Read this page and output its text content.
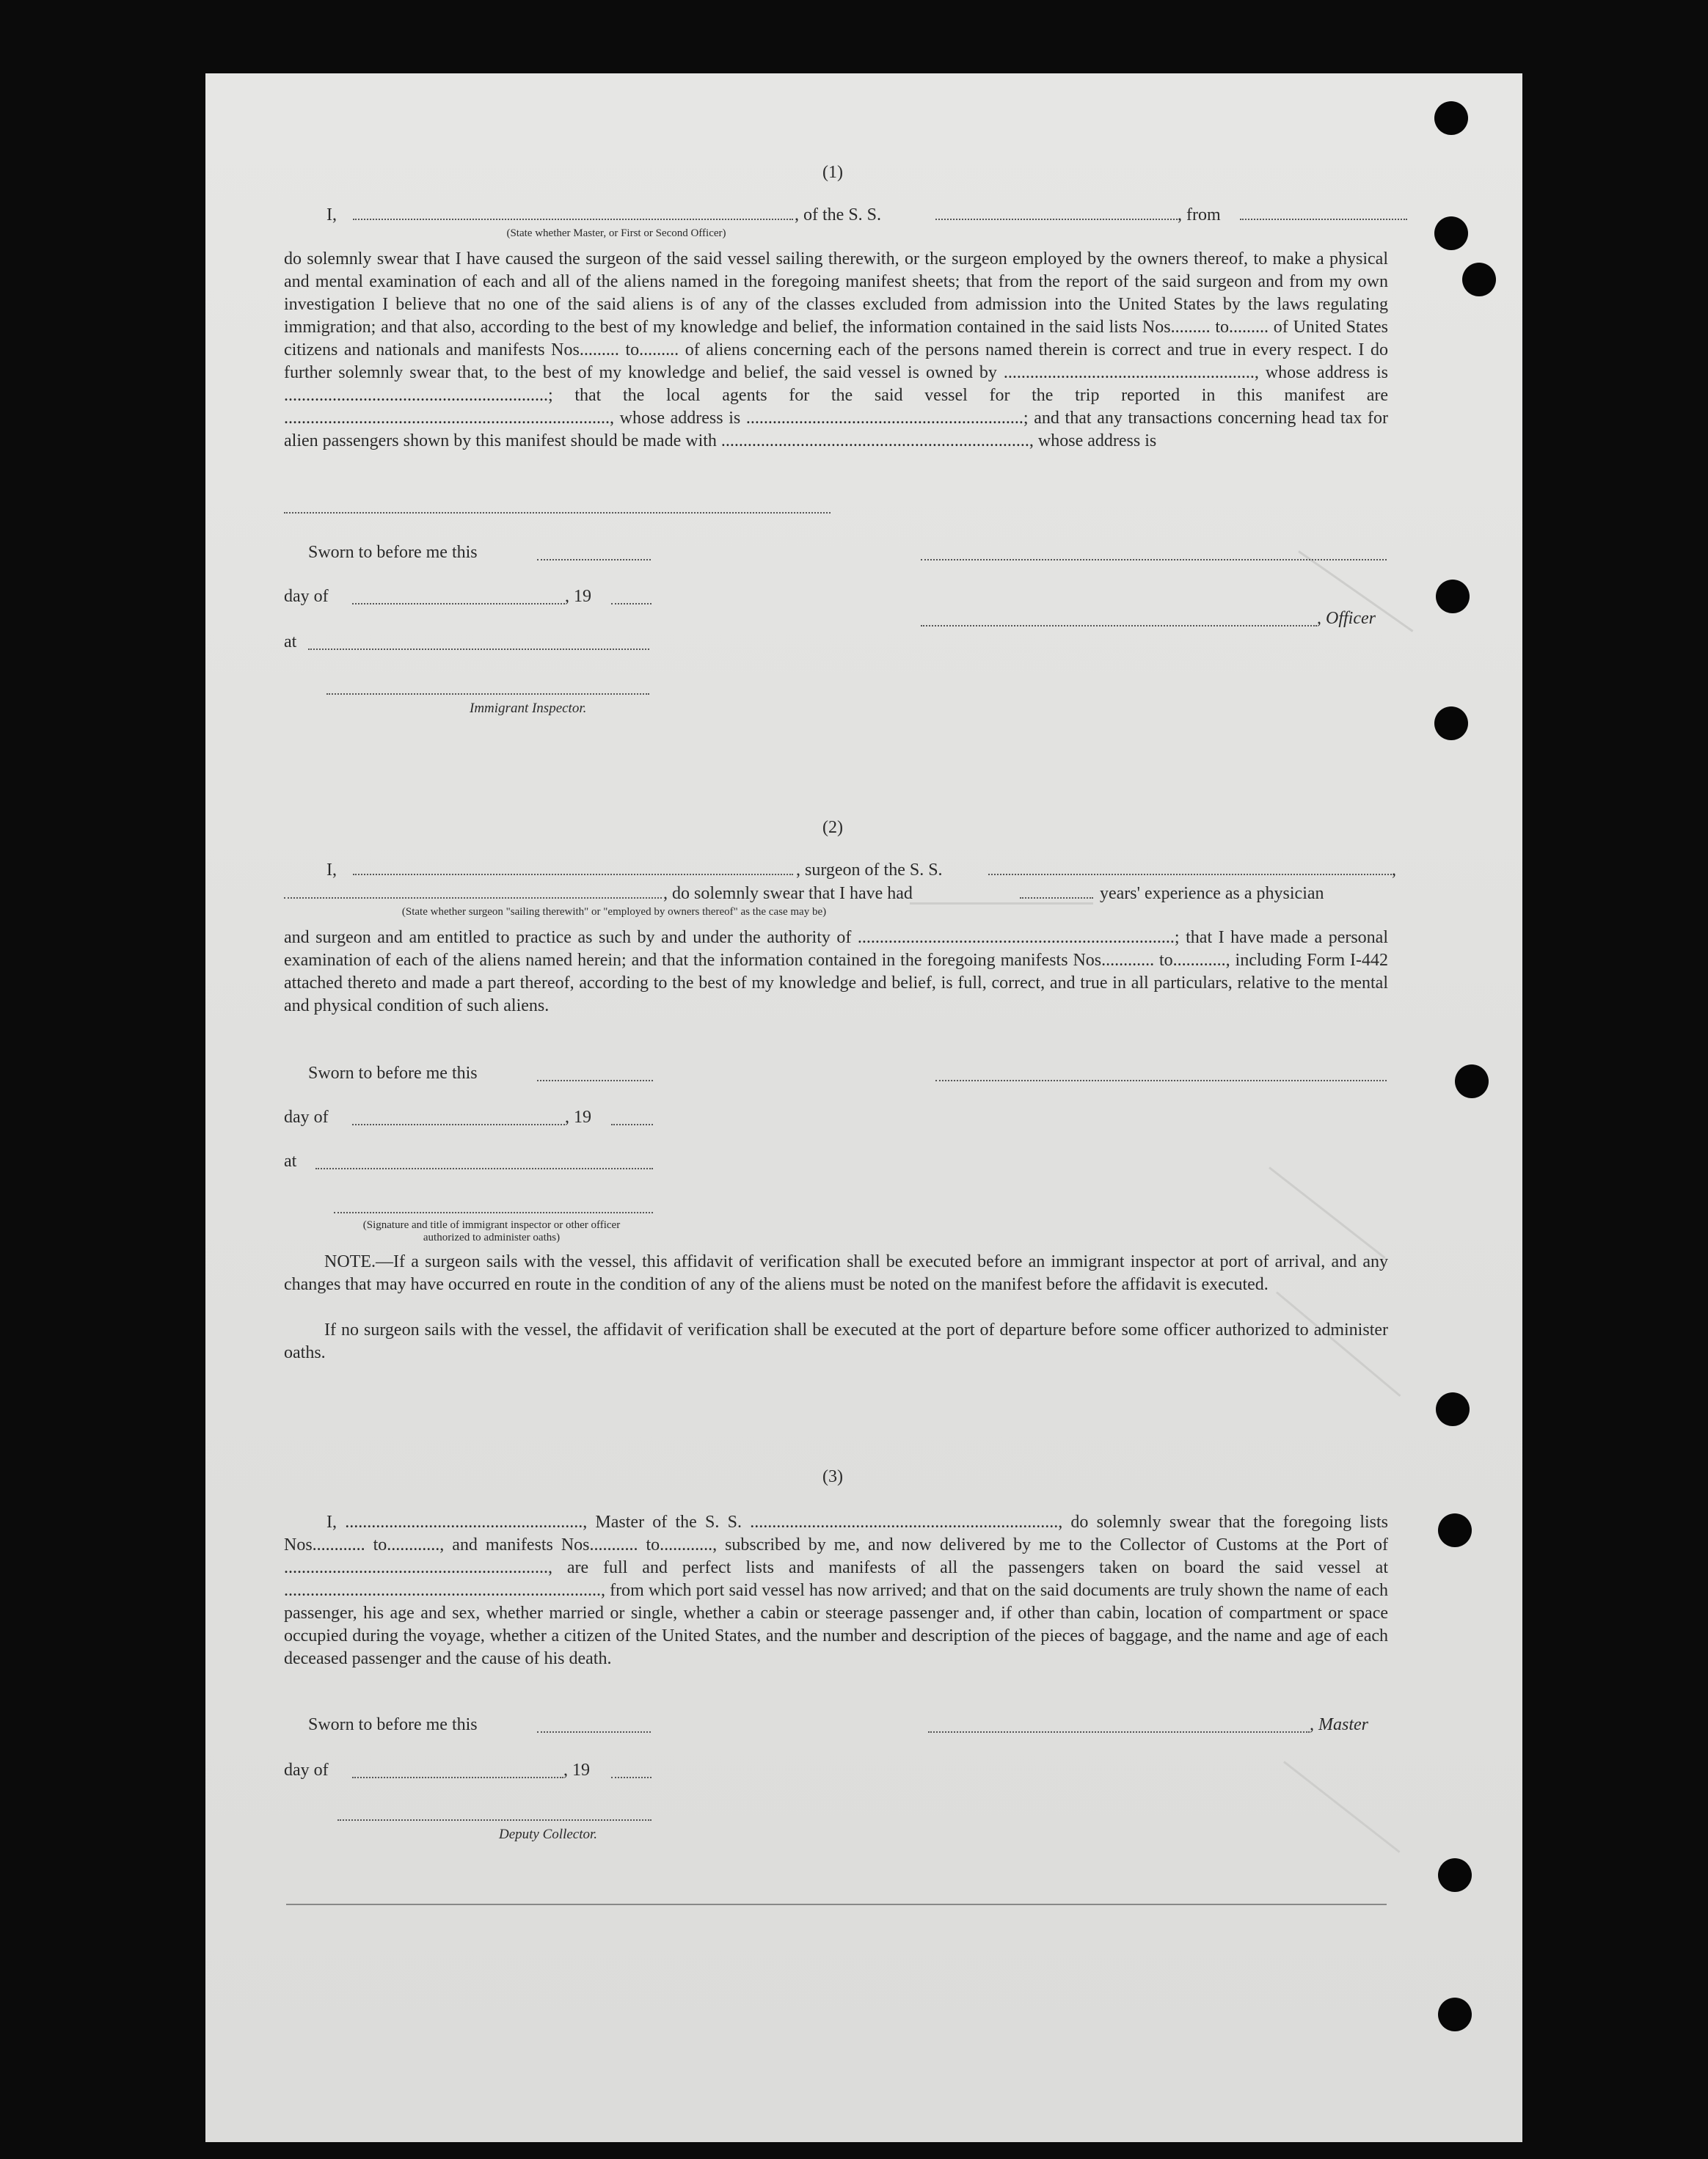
(1)
I,	, of the S. S.	, from
(State whether Master, or First or Second Officer)
do solemnly swear that I have caused the surgeon of the said vessel sailing therewith, or the surgeon employed by the owners thereof, to make a physical and mental examination of each and all of the aliens named in the foregoing manifest sheets; that from the report of the said surgeon and from my own investigation I believe that no one of the said aliens is of any of the classes excluded from admission into the United States by the laws regulating immigration; and that also, according to the best of my knowledge and belief, the information contained in the said lists Nos......... to......... of United States citizens and nationals and manifests Nos......... to......... of aliens concerning each of the persons named therein is correct and true in every respect. I do further solemnly swear that, to the best of my knowledge and belief, the said vessel is owned by ........................................................., whose address is ............................................................; that the local agents for the said vessel for the trip reported in this manifest are .........................................................................., whose address is ...............................................................; and that any transactions concerning head tax for alien passengers shown by this manifest should be made with ......................................................................, whose address is
Sworn to before me this
day of	, 19
, Officer
at
Immigrant Inspector.
(2)
I,	, surgeon of the S. S.	,
, do solemnly swear that I have had	years' experience as a physician
(State whether surgeon "sailing therewith" or "employed by owners thereof" as the case may be)
and surgeon and am entitled to practice as such by and under the authority of ........................................................................; that I have made a personal examination of each of the aliens named herein; and that the information contained in the foregoing manifests Nos............ to............, including Form I-442 attached thereto and made a part thereof, according to the best of my knowledge and belief, is full, correct, and true in all particulars, relative to the mental and physical condition of such aliens.
Sworn to before me this
day of	, 19
at
(Signature and title of immigrant inspector or other officer authorized to administer oaths)
NOTE.—If a surgeon sails with the vessel, this affidavit of verification shall be executed before an immigrant inspector at port of arrival, and any changes that may have occurred en route in the condition of any of the aliens must be noted on the manifest before the affidavit is executed.
If no surgeon sails with the vessel, the affidavit of verification shall be executed at the port of departure before some officer authorized to administer oaths.
(3)
I, ......................................................, Master of the S. S. ......................................................................, do solemnly swear that the foregoing lists Nos............ to............, and manifests Nos........... to............, subscribed by me, and now delivered by me to the Collector of Customs at the Port of ............................................................, are full and perfect lists and manifests of all the passengers taken on board the said vessel at ........................................................................, from which port said vessel has now arrived; and that on the said documents are truly shown the name of each passenger, his age and sex, whether married or single, whether a cabin or steerage passenger and, if other than cabin, location of compartment or space occupied during the voyage, whether a citizen of the United States, and the number and description of the pieces of baggage, and the name and age of each deceased passenger and the cause of his death.
Sworn to before me this	, Master
day of	, 19
Deputy Collector.
